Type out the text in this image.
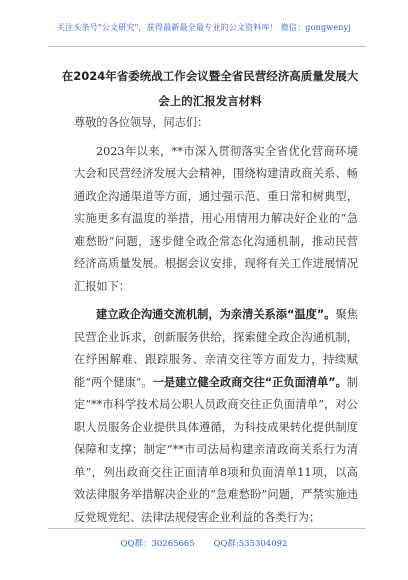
关注头条号"公文研究"，获得最新最全最专业的公文资料库！ 微信：gongwenyj
在2024年省委统战工作会议暨全省民营经济高质量发展大
会上的汇报发言材料

尊敬的各位领导，同志们：

2023年以来，**市深入贯彻落实全省优化营商环境大会和民营经济发展大会精神，围绕构建清政商关系、畅通政企沟通渠道等方面，通过强示范、重日常和树典型，实施更多有温度的举措，用心用情用力解决好企业的“急难愁盼”问题，逐步健全政企常态化沟通机制，推动民营经济高质量发展。根据会议安排，现将有关工作进展情况汇报如下：

建立政企沟通交流机制，为亲清关系添“温度”。聚焦民营企业诉求，创新服务供给，探索健全政企沟通机制，在纾困解难、跟踪服务、亲清交往等方面发力，持续赋能“两个健康”。一是建立健全政商交往“正负面清单”。制定“**市科学技术局公职人员政商交往正负面清单”，对公职人员服务企业提供具体遵循，为科技成果转化提供制度保障和支撑；制定“**市司法局构建亲清政商关系行为清单”，列出政商交往正面清单8项和负面清单11项，以高效法律服务举措解决企业的“急难愁盼”问题，严禁实施违反党规党纪、法律法规侵害企业利益的各类行为；

QQ群：30265665 QQ群:535304092
